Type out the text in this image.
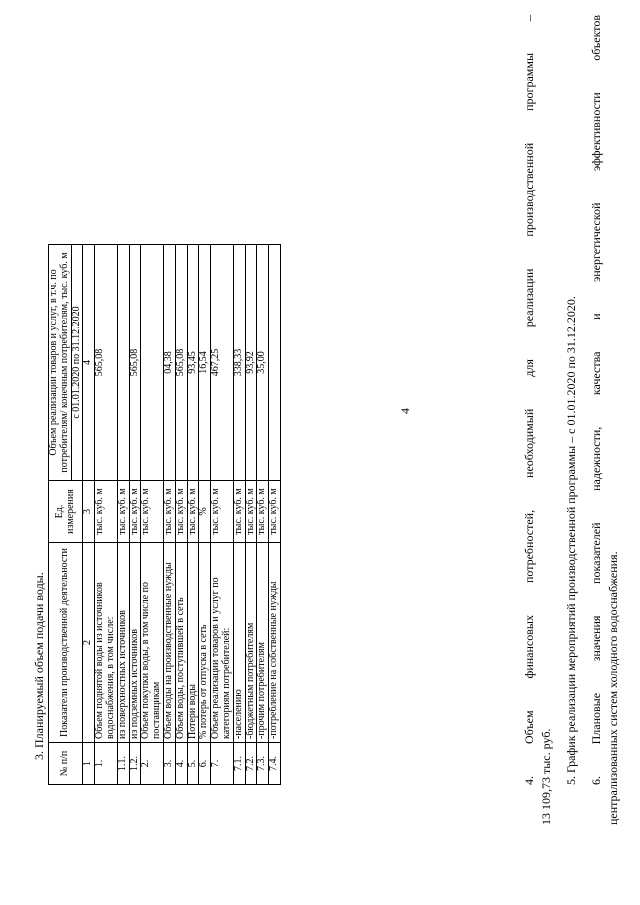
4
3. Планируемый объем подачи воды.
№ п/п	Показатели производственной деятельности	Ед. измерения	Объем реализации товаров и услуг, в т.ч. по потребителям/ конечным потребителям, тыс. куб. м
			с 01.01.2020 по 31.12.2020
1	2	3	4
1.	Объем поднятой воды из источников водоснабжения, в том числе:	тыс. куб. м	565,08
1.1.	из поверхностных источников	тыс. куб. м	
1.2.	из подземных источников	тыс. куб. м	565,08
2.	Объем покупки воды, в том числе по поставщикам	тыс. куб. м	
3.	Объем воды на производственные нужды	тыс. куб. м	04,38
4.	Объем воды, поступившей в сеть	тыс. куб. м	565,08
5.	Потери воды	тыс. куб. м	93,45
6.	% потерь от отпуска в сеть	%	16,54
7.	Объем реализации товаров и услуг по категориям потребителей:	тыс. куб. м	467,25
7.1.	-населению	тыс. куб. м	338,33
7.2.	-бюджетным потребителям	тыс. куб. м	93,92
7.3.	-прочим потребителям	тыс. куб. м	35,00
7.4.	-потребление на собственные нужды	тыс. куб. м		4. Объем финансовых потребностей, необходимый для реализации производственной программы – 13 109,73 тыс. руб. 5. График реализации мероприятий производственной программы – с 01.01.2020 по 31.12.2020. 6. Плановые значения показателей надежности, качества и энергетической эффективности объектов централизованных систем холодного водоснабжения.
